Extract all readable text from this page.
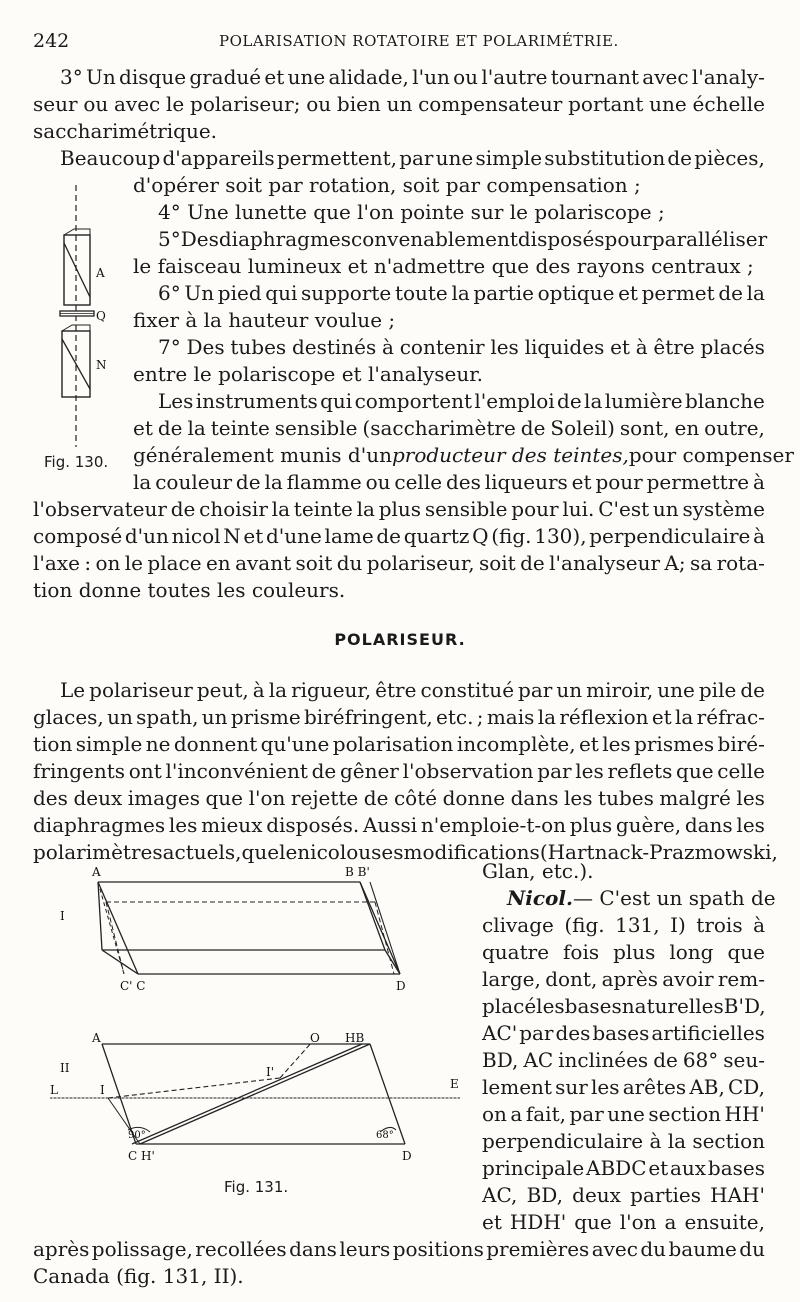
242	POLARISATION ROTATOIRE ET POLARIMÉTRIE.
3° Un disque gradué et une alidade, l'un ou l'autre tournant avec l'analy-
seur ou avec le polariseur; ou bien un compensateur portant une échelle
saccharimétrique.
Beaucoup d'appareils permettent, par une simple substitution de pièces,
d'opérer soit par rotation, soit par compensation ;
4° Une lunette que l'on pointe sur le polariscope ;
5° Des diaphragmes convenablement disposés pour paralléliser
le faisceau lumineux et n'admettre que des rayons centraux ;
6° Un pied qui supporte toute la partie optique et permet de la
fixer à la hauteur voulue ;
7° Des tubes destinés à contenir les liquides et à être placés
entre le polariscope et l'analyseur.
Les instruments qui comportent l'emploi de la lumière blanche
et de la teinte sensible (saccharimètre de Soleil) sont, en outre,
généralement munis d'un producteur des teintes, pour compenser
la couleur de la flamme ou celle des liqueurs et pour permettre à
l'observateur de choisir la teinte la plus sensible pour lui. C'est un système
composé d'un nicol N et d'une lame de quartz Q (fig. 130), perpendiculaire à
l'axe : on le place en avant soit du polariseur, soit de l'analyseur A; sa rota-
tion donne toutes les couleurs.
A
Q
N
Fig. 130.
POLARISEUR.
Le polariseur peut, à la rigueur, être constitué par un miroir, une pile de
glaces, un spath, un prisme biréfringent, etc. ; mais la réflexion et la réfrac-
tion simple ne donnent qu'une polarisation incomplète, et les prismes biré-
fringents ont l'inconvénient de gêner l'observation par les reflets que celle
des deux images que l'on rejette de côté donne dans les tubes malgré les
diaphragmes les mieux disposés. Aussi n'emploie-t-on plus guère, dans les
polarimètres actuels, que le nicol ou ses modifications (Hartnack-Prazmowski,
Glan, etc.).
Nicol. — C'est un spath de
clivage (fig. 131, I) trois à
quatre fois plus long que
large, dont, après avoir rem-
placé les bases naturelles B'D,
AC' par des bases artificielles
BD, AC inclinées de 68° seu-
lement sur les arêtes AB, CD,
on a fait, par une section HH'
perpendiculaire à la section
principale ABDC et aux bases
AC, BD, deux parties HAH'
et HDH' que l'on a ensuite,
après polissage, recollées dans leurs positions premières avec du baume du
Canada (fig. 131, II).
I
A	B B'
C' C	D
II
A	O HB
L	I
I'
E
C H'	D
90°	68°
Fig. 131.
